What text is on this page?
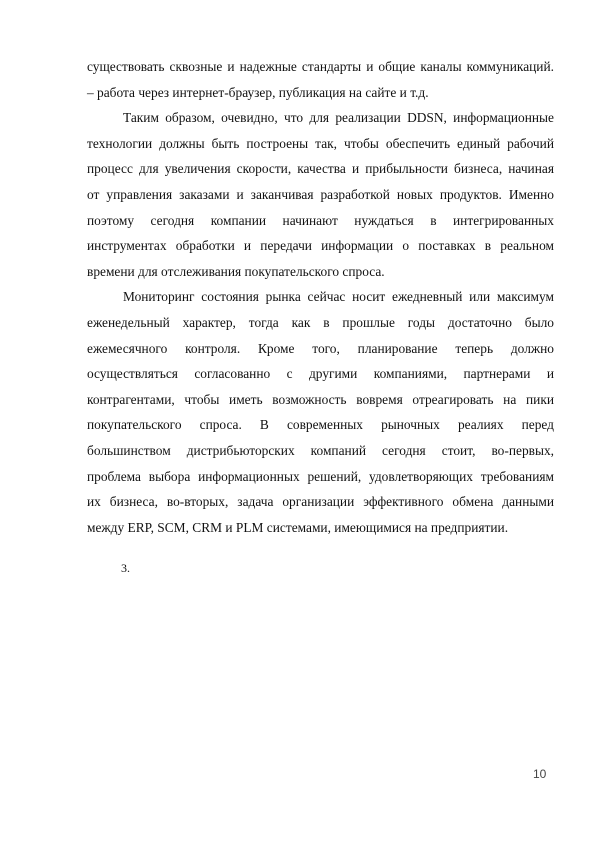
существовать сквозные и надежные стандарты и общие каналы коммуникаций.
– работа через интернет-браузер, публикация на сайте и т.д.
Таким образом, очевидно, что для реализации DDSN, информационные
технологии должны быть построены так, чтобы обеспечить единый рабочий
процесс для увеличения скорости, качества и прибыльности бизнеса, начиная
от управления заказами и заканчивая разработкой новых продуктов. Именно
поэтому сегодня компании начинают нуждаться в интегрированных
инструментах обработки и передачи информации о поставках в реальном
времени для отслеживания покупательского спроса.
Мониторинг состояния рынка сейчас носит ежедневный или максимум
еженедельный характер, тогда как в прошлые годы достаточно было
ежемесячного контроля. Кроме того, планирование теперь должно
осуществляться согласованно с другими компаниями, партнерами и
контрагентами, чтобы иметь возможность вовремя отреагировать на пики
покупательского спроса. В современных рыночных реалиях перед
большинством дистрибьюторских компаний сегодня стоит, во-первых,
проблема выбора информационных решений, удовлетворяющих требованиям
их бизнеса, во-вторых, задача организации эффективного обмена данными
между ERP, SCM, CRM и PLM системами, имеющимися на предприятии.
3.
10
